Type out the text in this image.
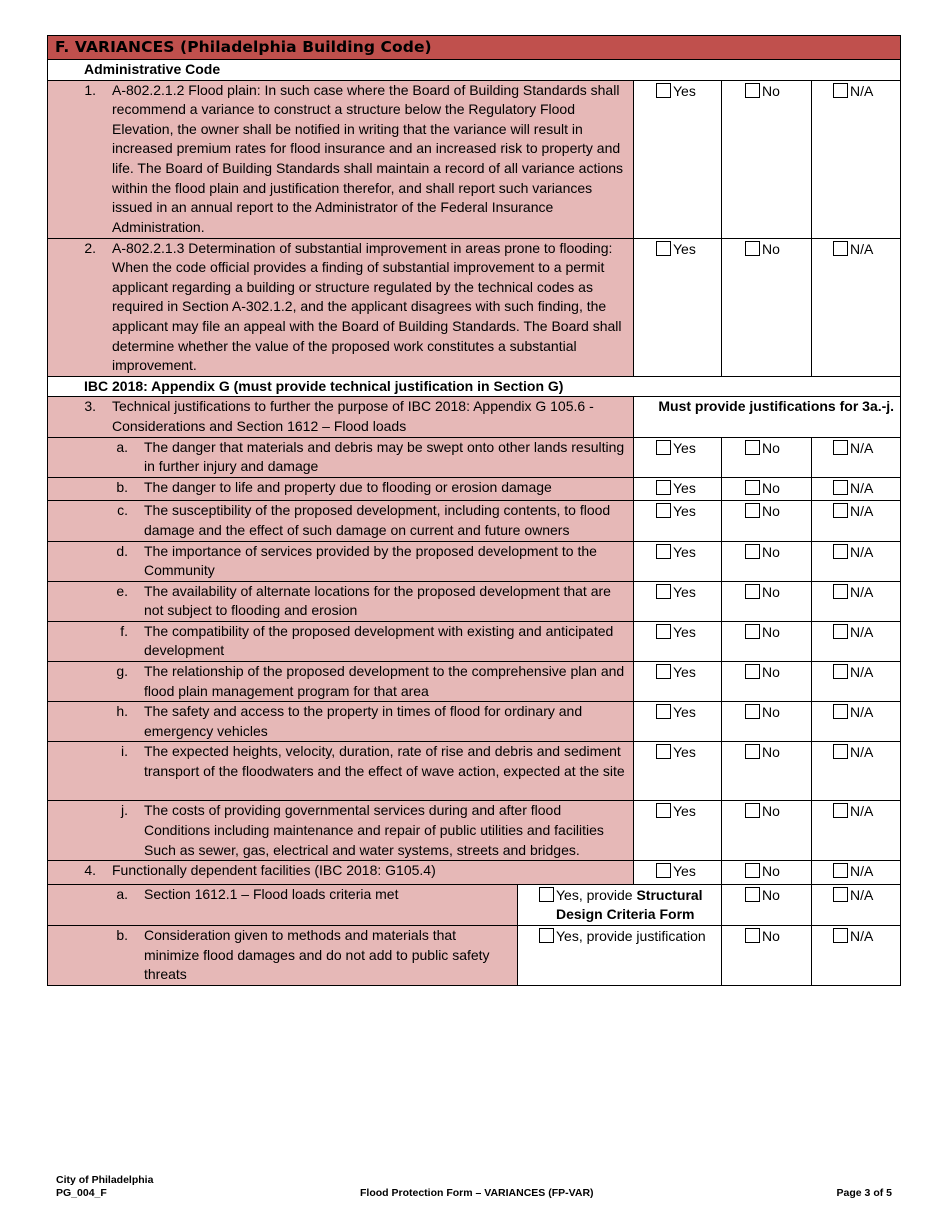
F. VARIANCES (Philadelphia Building Code)				
Administrative Code				

1. A-802.2.1.2 Flood plain: In such case where the Board of Building Standards shall recommend a variance to construct a structure below the Regulatory Flood Elevation, the owner shall be notified in writing that the variance will result in increased premium rates for flood insurance and an increased risk to property and life. The Board of Building Standards shall maintain a record of all variance actions within the flood plain and justification therefor, and shall report such variances issued in an annual report to the Administrator of the Federal Insurance Administration.		Yes	No	N/A

2. A-802.2.1.3 Determination of substantial improvement in areas prone to flooding: When the code official provides a finding of substantial improvement to a permit applicant regarding a building or structure regulated by the technical codes as required in Section A-302.1.2, and the applicant disagrees with such finding, the applicant may file an appeal with the Board of Building Standards. The Board shall determine whether the value of the proposed work constitutes a substantial improvement.		Yes	No	N/A

IBC 2018: Appendix G (must provide technical justification in Section G)				

3. Technical justifications to further the purpose of IBC 2018: Appendix G 105.6 - Considerations and Section 1612 – Flood loads		Must provide justifications for 3a.-j.		

a. The danger that materials and debris may be swept onto other lands resulting in further injury and damage		Yes	No	N/A

b. The danger to life and property due to flooding or erosion damage		Yes	No	N/A

c. The susceptibility of the proposed development, including contents, to flood damage and the effect of such damage on current and future owners		Yes	No	N/A

d. The importance of services provided by the proposed development to the Community		Yes	No	N/A

e. The availability of alternate locations for the proposed development that are not subject to flooding and erosion		Yes	No	N/A

f. The compatibility of the proposed development with existing and anticipated development		Yes	No	N/A

g. The relationship of the proposed development to the comprehensive plan and flood plain management program for that area		Yes	No	N/A

h. The safety and access to the property in times of flood for ordinary and emergency vehicles		Yes	No	N/A

i. The expected heights, velocity, duration, rate of rise and debris and sediment transport of the floodwaters and the effect of wave action, expected at the site		Yes	No	N/A

j. The costs of providing governmental services during and after flood Conditions including maintenance and repair of public utilities and facilities Such as sewer, gas, electrical and water systems, streets and bridges.		Yes	No	N/A

4. Functionally dependent facilities (IBC 2018: G105.4)		Yes	No	N/A

a. Section 1612.1 – Flood loads criteria met	Yes, provide Structural Design Criteria Form		No	N/A

b. Consideration given to methods and materials that minimize flood damages and do not add to public safety threats	Yes, provide justification		No	N/A
City of Philadelphia
PG_004_F	Flood Protection Form – VARIANCES (FP-VAR)	Page 3 of 5
